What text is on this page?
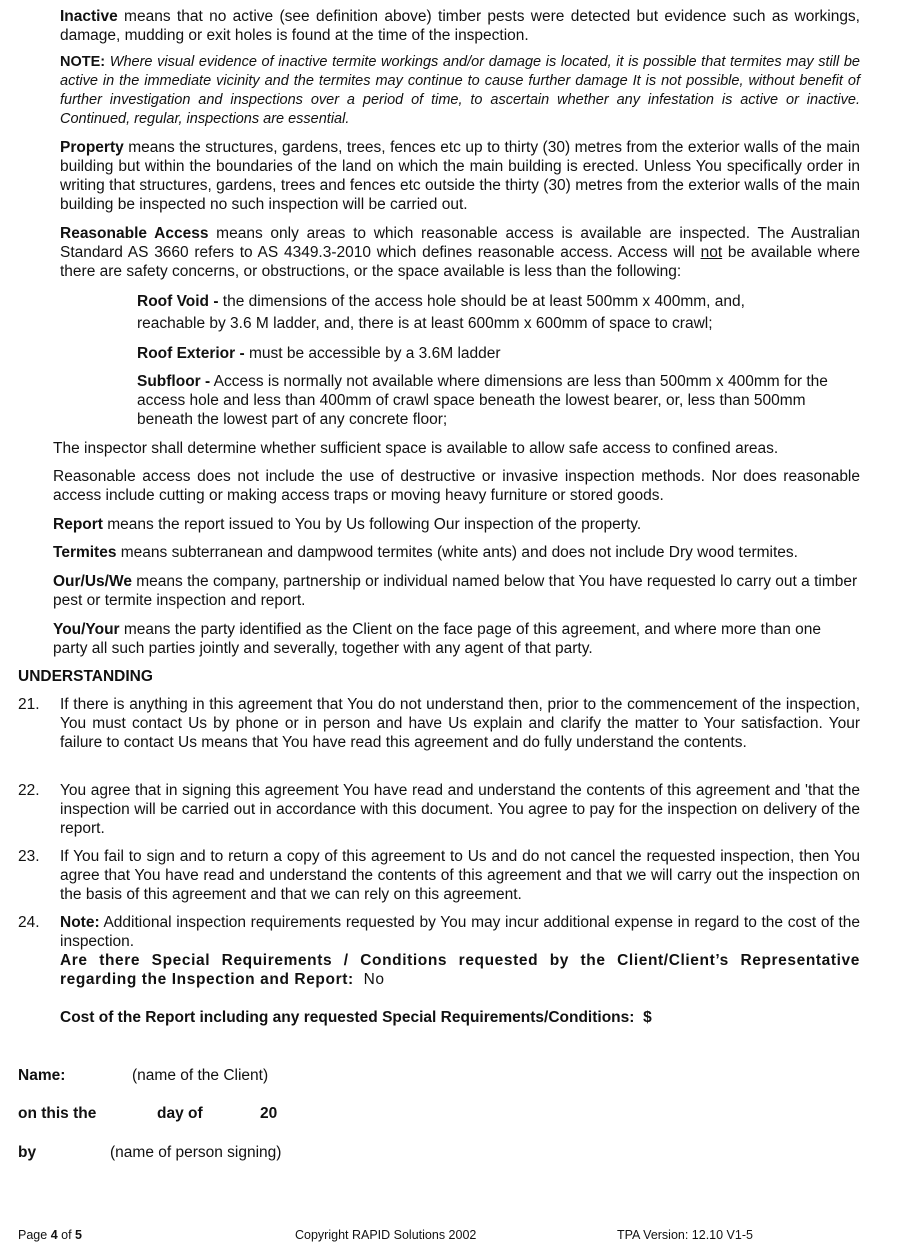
Inactive means that no active (see definition above) timber pests were detected but evidence such as workings, damage, mudding or exit holes is found at the time of the inspection.

NOTE: Where visual evidence of inactive termite workings and/or damage is located, it is possible that termites may still be active in the immediate vicinity and the termites may continue to cause further damage It is not possible, without benefit of further investigation and inspections over a period of time, to ascertain whether any infestation is active or inactive. Continued, regular, inspections are essential.

Property means the structures, gardens, trees, fences etc up to thirty (30) metres from the exterior walls of the main building but within the boundaries of the land on which the main building is erected. Unless You specifically order in writing that structures, gardens, trees and fences etc outside the thirty (30) metres from the exterior walls of the main building be inspected no such inspection will be carried out.

Reasonable Access means only areas to which reasonable access is available are inspected. The Australian Standard AS 3660 refers to AS 4349.3-2010 which defines reasonable access. Access will not be available where there are safety concerns, or obstructions, or the space available is less than the following:

Roof Void - the dimensions of the access hole should be at least 500mm x 400mm, and,

reachable by 3.6 M ladder, and, there is at least 600mm x 600mm of space to crawl;

Roof Exterior - must be accessible by a 3.6M ladder

Subfloor - Access is normally not available where dimensions are less than 500mm x 400mm for the access hole and less than 400mm of crawl space beneath the lowest bearer, or, less than 500mm beneath the lowest part of any concrete floor;

The inspector shall determine whether sufficient space is available to allow safe access to confined areas.

Reasonable access does not include the use of destructive or invasive inspection methods. Nor does reasonable access include cutting or making access traps or moving heavy furniture or stored goods.

Report means the report issued to You by Us following Our inspection of the property.

Termites means subterranean and dampwood termites (white ants) and does not include Dry wood termites.

Our/Us/We means the company, partnership or individual named below that You have requested lo carry out a timber pest or termite inspection and report.

You/Your means the party identified as the Client on the face page of this agreement, and where more than one party all such parties jointly and severally, together with any agent of that party.

UNDERSTANDING
21. If there is anything in this agreement that You do not understand then, prior to the commencement of the inspection, You must contact Us by phone or in person and have Us explain and clarify the matter to Your satisfaction. Your failure to contact Us means that You have read this agreement and do fully understand the contents.
22. You agree that in signing this agreement You have read and understand the contents of this agreement and 'that the inspection will be carried out in accordance with this document. You agree to pay for the inspection on delivery of the report.
23. If You fail to sign and to return a copy of this agreement to Us and do not cancel the requested inspection, then You agree that You have read and understand the contents of this agreement and that we will carry out the inspection on the basis of this agreement and that we can rely on this agreement.
24. Note: Additional inspection requirements requested by You may incur additional expense in regard to the cost of the inspection.

Are there Special Requirements / Conditions requested by the Client/Client’s Representative regarding the Inspection and Report: No

Cost of the Report including any requested Special Requirements/Conditions: $
Name:	(name of the Client)
on this the	day of	20
by	(name of person signing)
Page 4 of 5	Copyright RAPID Solutions 2002	TPA Version: 12.10 V1-5
